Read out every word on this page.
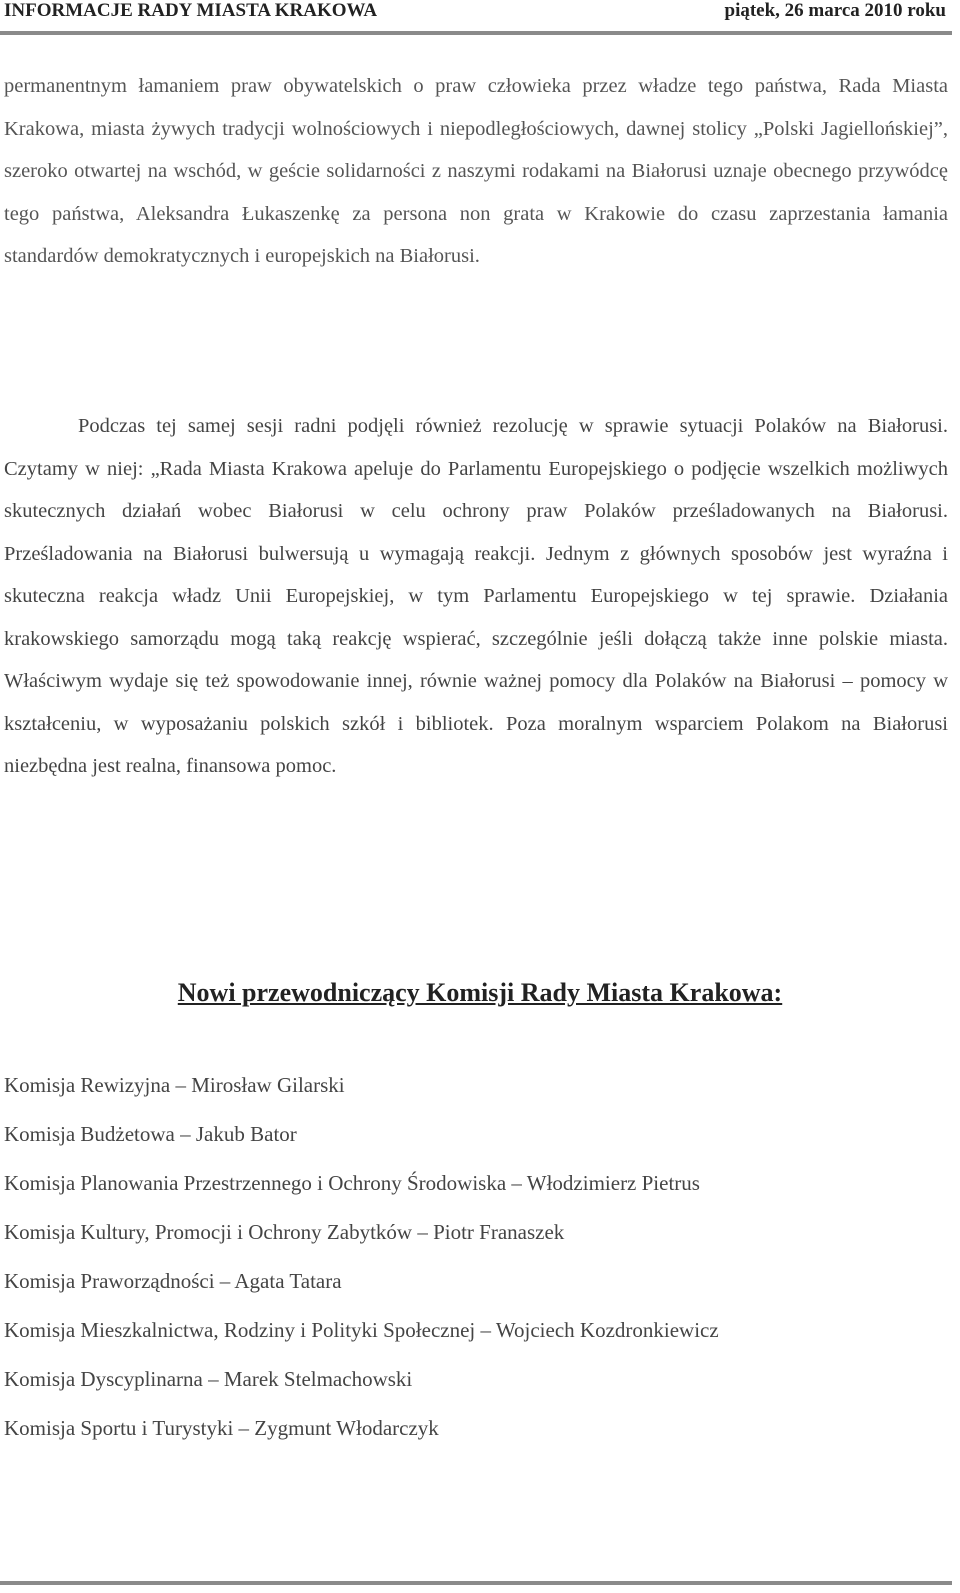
INFORMACJE RADY MIASTA KRAKOWA	piątek, 26 marca 2010 roku

permanentnym łamaniem praw obywatelskich o praw człowieka przez władze tego państwa, Rada Miasta Krakowa, miasta żywych tradycji wolnościowych i niepodległościowych, dawnej stolicy „Polski Jagiellońskiej”, szeroko otwartej na wschód, w geście solidarności z naszymi rodakami na Białorusi uznaje obecnego przywódcę tego państwa, Aleksandra Łukaszenkę za persona non grata w Krakowie do czasu zaprzestania łamania standardów demokratycznych i europejskich na Białorusi.

Podczas tej samej sesji radni podjęli również rezolucję w sprawie sytuacji Polaków na Białorusi. Czytamy w niej: „Rada Miasta Krakowa apeluje do Parlamentu Europejskiego o podjęcie wszelkich możliwych skutecznych działań wobec Białorusi w celu ochrony praw Polaków prześladowanych na Białorusi. Prześladowania na Białorusi bulwersują u wymagają reakcji. Jednym z głównych sposobów jest wyraźna i skuteczna reakcja władz Unii Europejskiej, w tym Parlamentu Europejskiego w tej sprawie. Działania krakowskiego samorządu mogą taką reakcję wspierać, szczególnie jeśli dołączą także inne polskie miasta. Właściwym wydaje się też spowodowanie innej, równie ważnej pomocy dla Polaków na Białorusi – pomocy w kształceniu, w wyposażaniu polskich szkół i bibliotek. Poza moralnym wsparciem Polakom na Białorusi niezbędna jest realna, finansowa pomoc.

Nowi przewodniczący Komisji Rady Miasta Krakowa:
Komisja Rewizyjna – Mirosław Gilarski
Komisja Budżetowa – Jakub Bator
Komisja Planowania Przestrzennego i Ochrony Środowiska – Włodzimierz Pietrus
Komisja Kultury, Promocji i Ochrony Zabytków – Piotr Franaszek
Komisja Praworządności – Agata Tatara
Komisja Mieszkalnictwa, Rodziny i Polityki Społecznej – Wojciech Kozdronkiewicz
Komisja Dyscyplinarna – Marek Stelmachowski
Komisja Sportu i Turystyki – Zygmunt Włodarczyk
